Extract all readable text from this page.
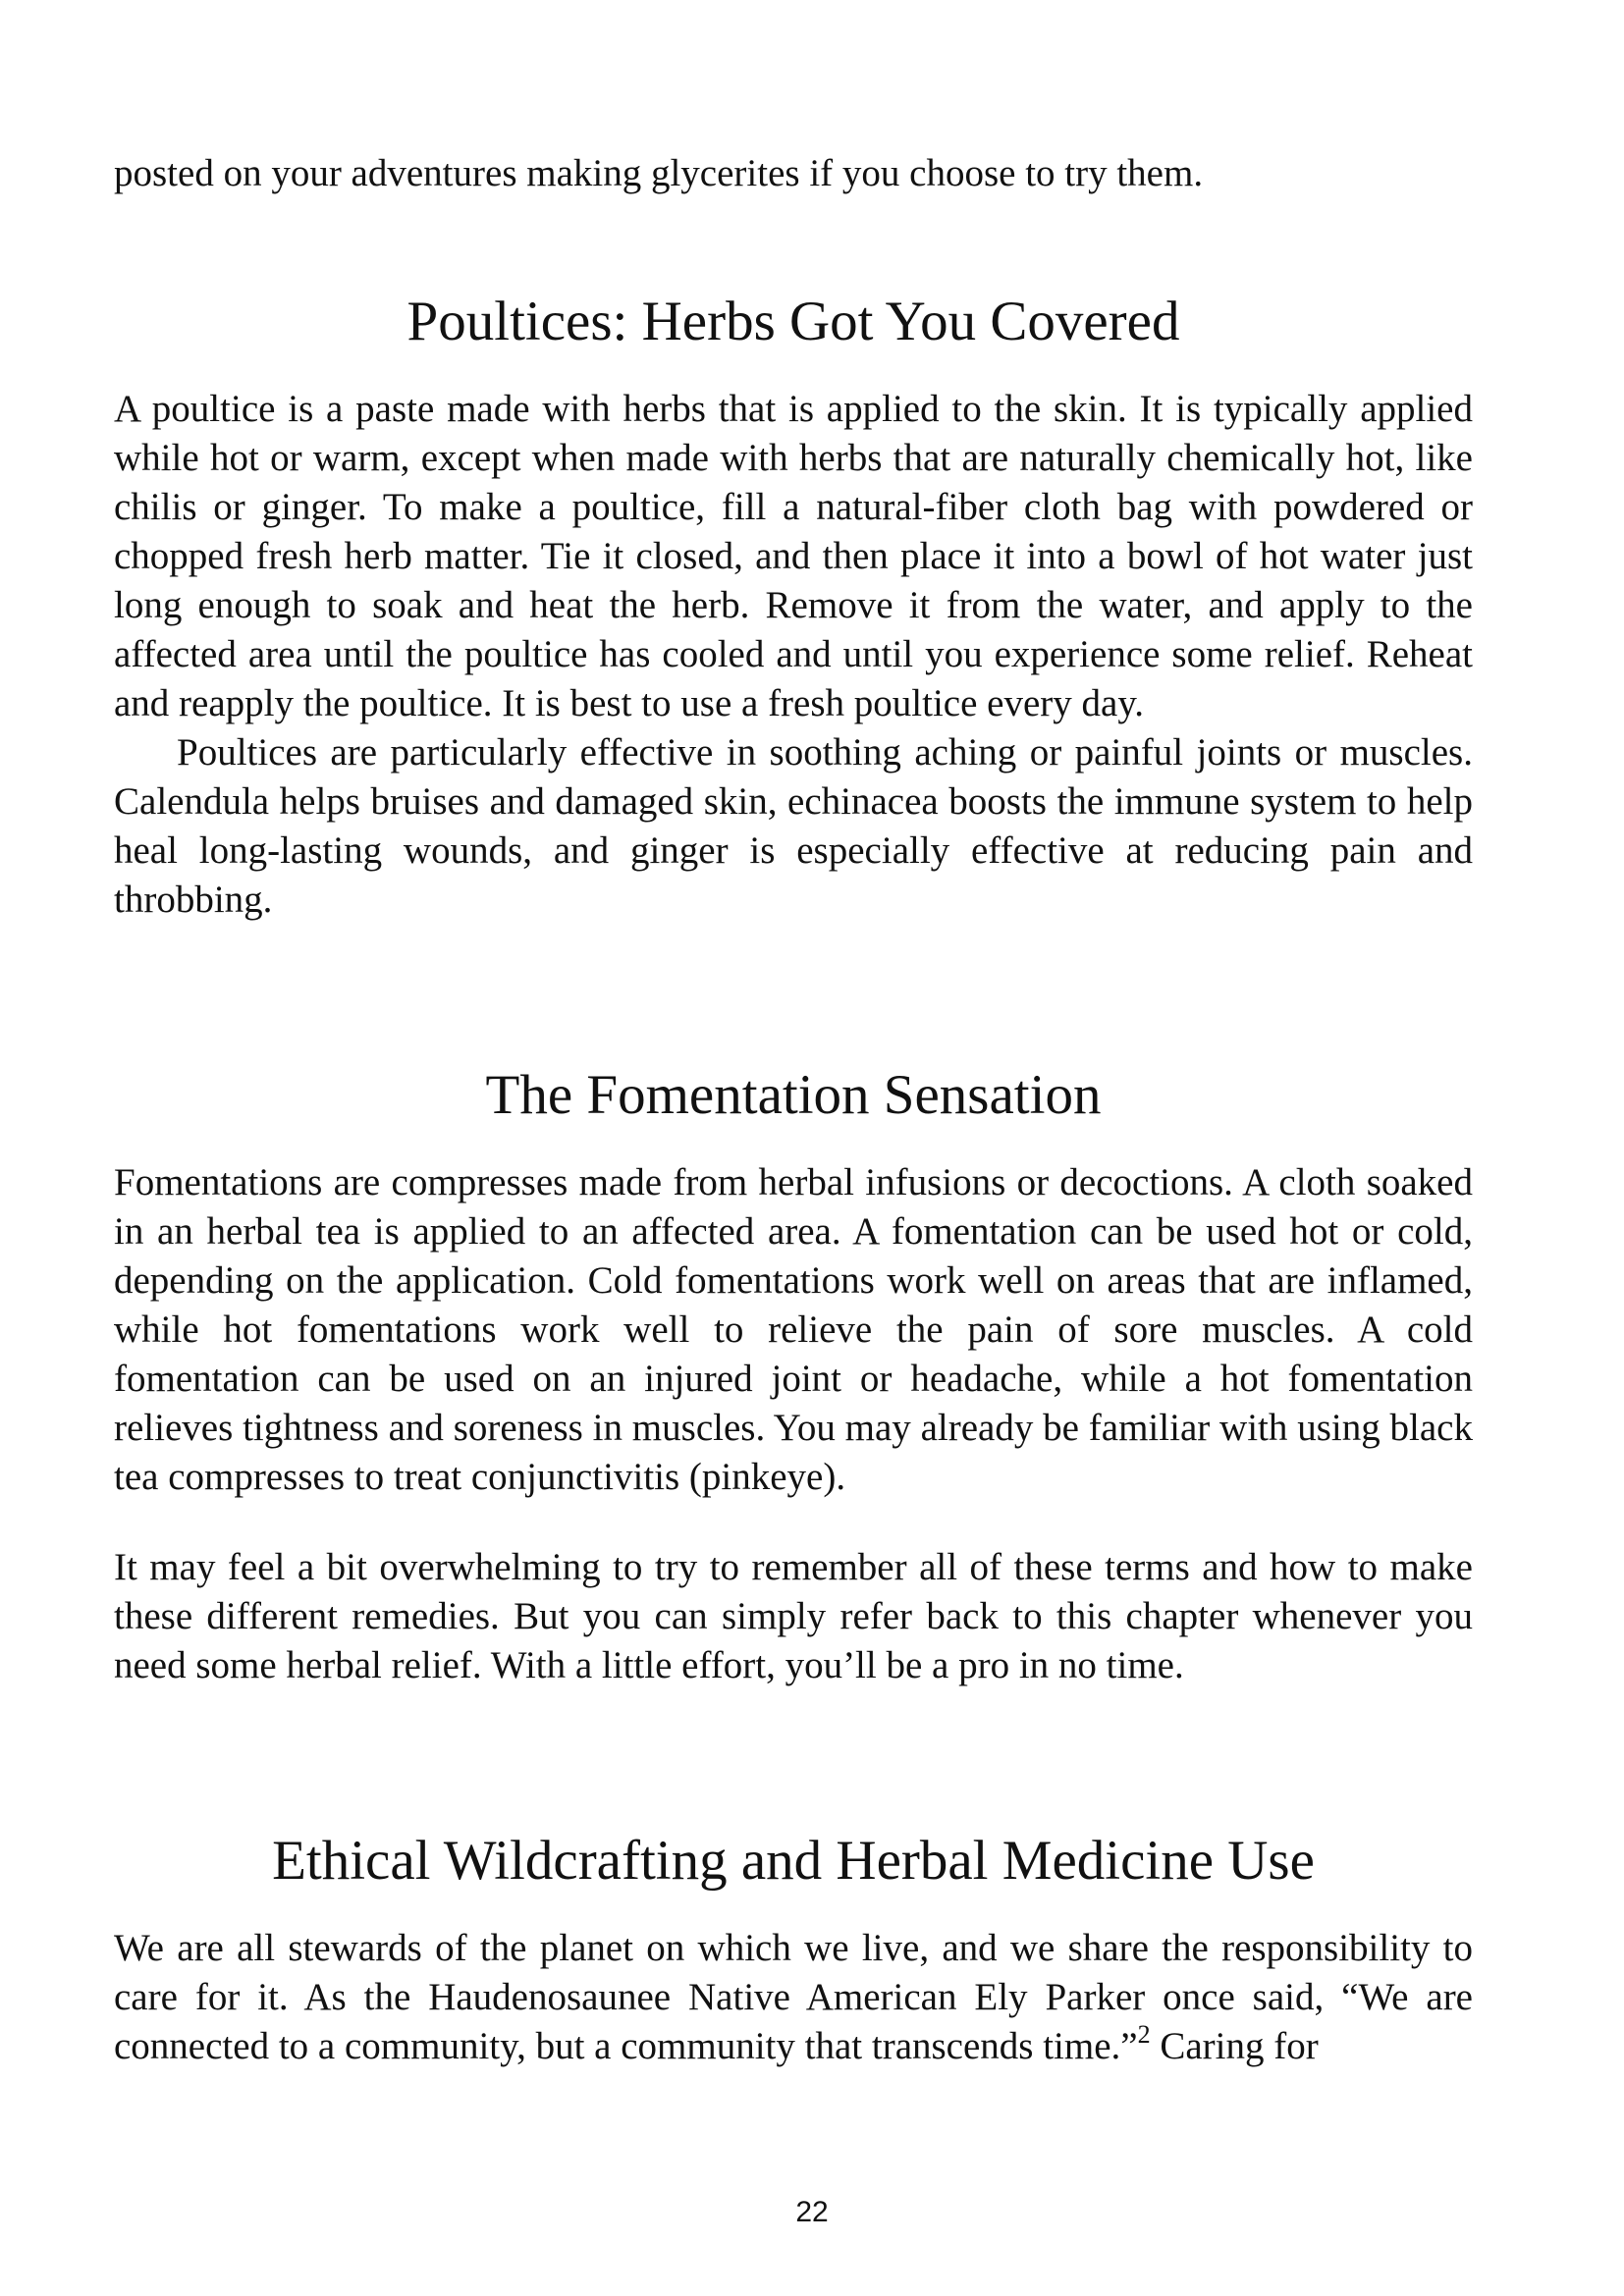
posted on your adventures making glycerites if you choose to try them.

Poultices: Herbs Got You Covered

A poultice is a paste made with herbs that is applied to the skin. It is typically applied while hot or warm, except when made with herbs that are naturally chemically hot, like chilis or ginger. To make a poultice, fill a natural-fiber cloth bag with powdered or chopped fresh herb matter. Tie it closed, and then place it into a bowl of hot water just long enough to soak and heat the herb. Remove it from the water, and apply to the affected area until the poultice has cooled and until you experience some relief. Reheat and reapply the poultice. It is best to use a fresh poultice every day.

Poultices are particularly effective in soothing aching or painful joints or muscles. Calendula helps bruises and damaged skin, echinacea boosts the immune system to help heal long-lasting wounds, and ginger is especially effective at reducing pain and throbbing.

The Fomentation Sensation

Fomentations are compresses made from herbal infusions or decoctions. A cloth soaked in an herbal tea is applied to an affected area. A fomentation can be used hot or cold, depending on the application. Cold fomentations work well on areas that are inflamed, while hot fomentations work well to relieve the pain of sore muscles. A cold fomentation can be used on an injured joint or headache, while a hot fomentation relieves tightness and soreness in muscles. You may already be familiar with using black tea compresses to treat conjunctivitis (pinkeye).

It may feel a bit overwhelming to try to remember all of these terms and how to make these different remedies. But you can simply refer back to this chapter whenever you need some herbal relief. With a little effort, you’ll be a pro in no time.

Ethical Wildcrafting and Herbal Medicine Use

We are all stewards of the planet on which we live, and we share the responsibility to care for it. As the Haudenosaunee Native American Ely Parker once said, “We are connected to a community, but a community that transcends time.”$^2$ Caring for

22
